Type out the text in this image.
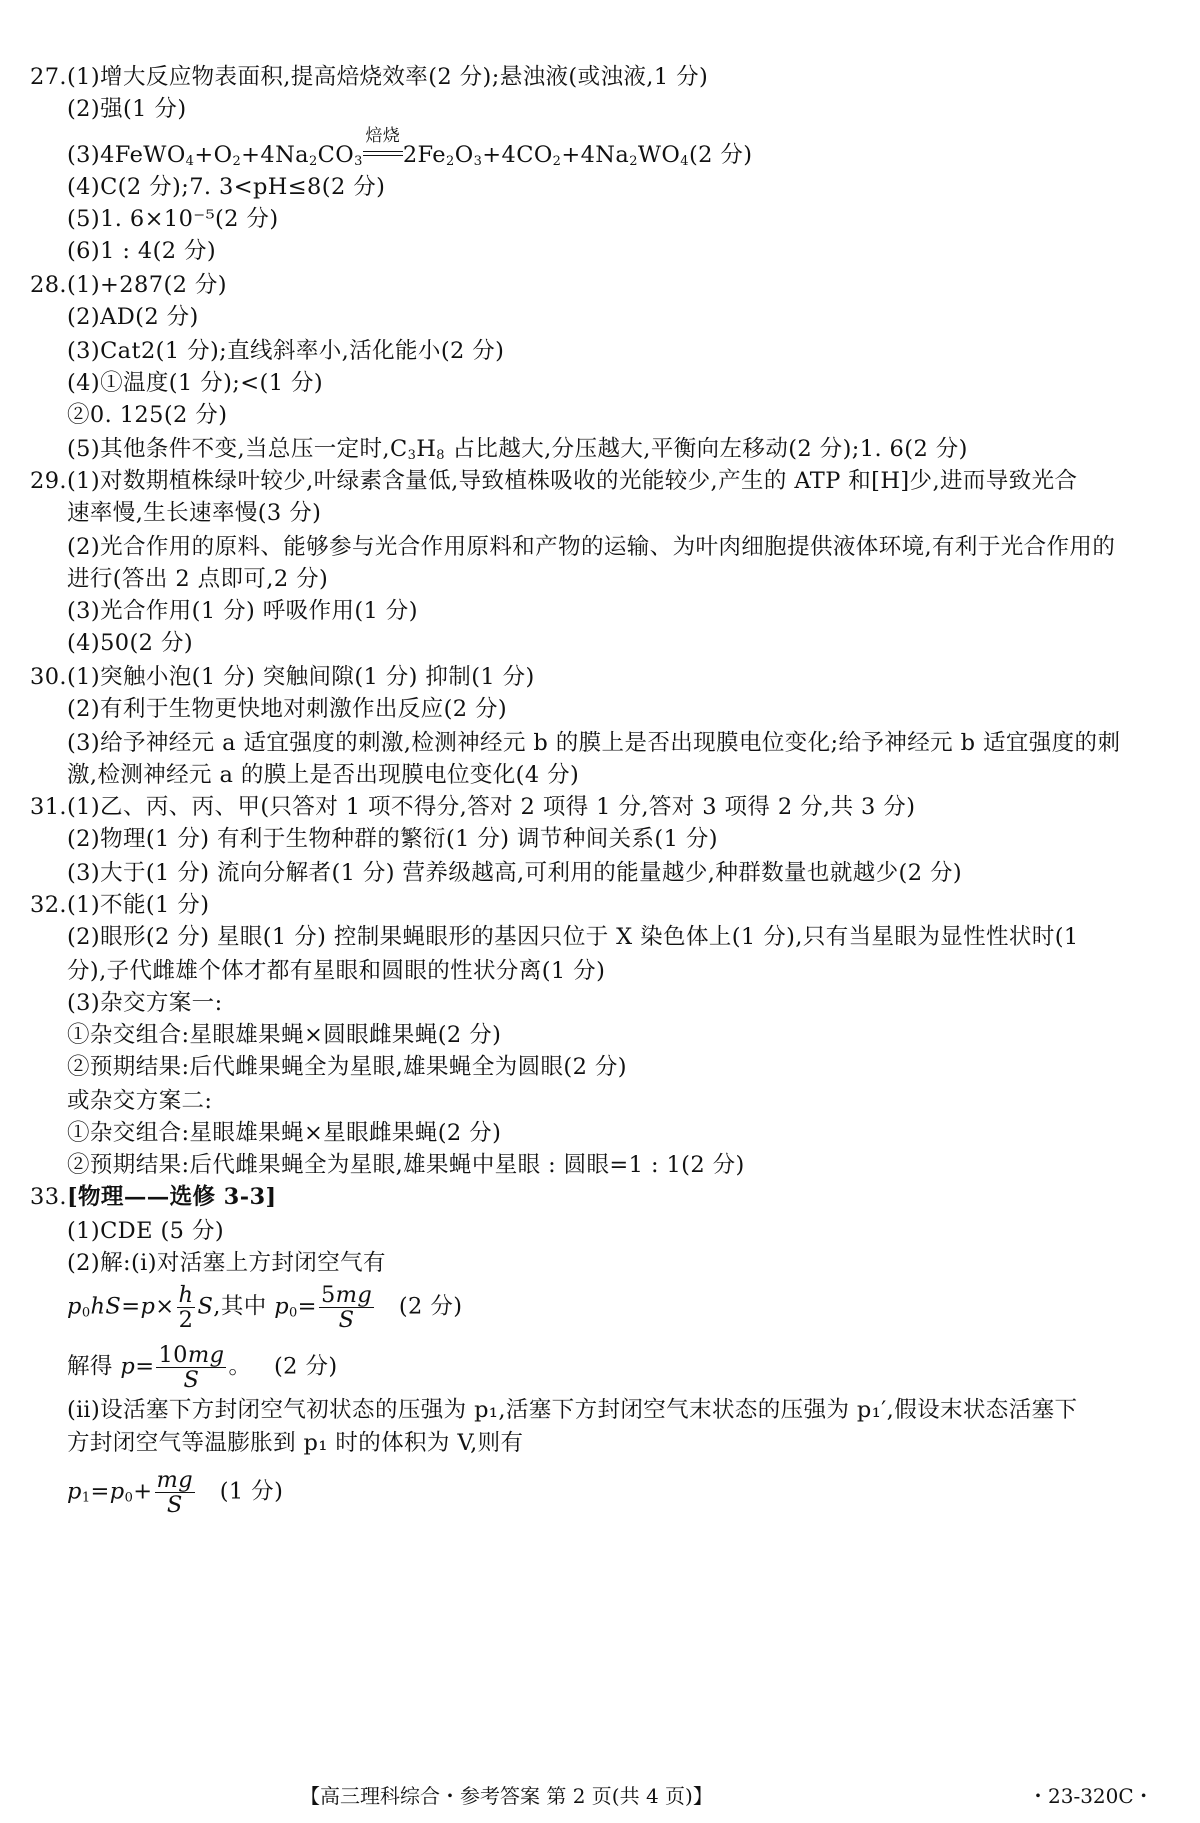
27.(1)增大反应物表面积,提高焙烧效率(2 分);悬浊液(或浊液,1 分)
(2)强(1 分)
$(3)4FeWO_4+O_2+4Na_2CO_3$
焙烧
$2Fe_2O_3+4CO_2+4Na_2WO_4(2$ 分)
(4)C(2 分);7. 3<pH≤8(2 分)
(5)1. 6×10⁻⁵(2 分)
(6)1 : 4(2 分)
28.(1)+287(2 分)
(2)AD(2 分)
(3)Cat2(1 分);直线斜率小,活化能小(2 分)
(4)①温度(1 分);<(1 分)
②0. 125(2 分)
(5)其他条件不变,当总压一定时$,C_3H_8$ 占比越大,分压越大,平衡向左移动(2 分);1. 6(2 分)
29.(1)对数期植株绿叶较少,叶绿素含量低,导致植株吸收的光能较少,产生的 ATP 和[H]少,进而导致光合
速率慢,生长速率慢(3 分)
(2)光合作用的原料、能够参与光合作用原料和产物的运输、为叶肉细胞提供液体环境,有利于光合作用的
进行(答出 2 点即可,2 分)
(3)光合作用(1 分) 呼吸作用(1 分)
(4)50(2 分)
30.(1)突触小泡(1 分) 突触间隙(1 分) 抑制(1 分)
(2)有利于生物更快地对刺激作出反应(2 分)
(3)给予神经元 a 适宜强度的刺激,检测神经元 b 的膜上是否出现膜电位变化;给予神经元 b 适宜强度的刺
激,检测神经元 a 的膜上是否出现膜电位变化(4 分)
31.(1)乙、丙、丙、甲(只答对 1 项不得分,答对 2 项得 1 分,答对 3 项得 2 分,共 3 分)
(2)物理(1 分) 有利于生物种群的繁衍(1 分) 调节种间关系(1 分)
(3)大于(1 分) 流向分解者(1 分) 营养级越高,可利用的能量越少,种群数量也就越少(2 分)
32.(1)不能(1 分)
(2)眼形(2 分) 星眼(1 分) 控制果蝇眼形的基因只位于 X 染色体上(1 分),只有当星眼为显性性状时(1
分),子代雌雄个体才都有星眼和圆眼的性状分离(1 分)
(3)杂交方案一:
①杂交组合:星眼雄果蝇×圆眼雌果蝇(2 分)
②预期结果:后代雌果蝇全为星眼,雄果蝇全为圆眼(2 分)
或杂交方案二:
①杂交组合:星眼雄果蝇×星眼雌果蝇(2 分)
②预期结果:后代雌果蝇全为星眼,雄果蝇中星眼 : 圆眼=1 : 1(2 分)
33.[物理——选修 3-3]
(1)CDE (5 分)
(2)解:(ⅰ)对活塞上方封闭空气有
$p_0hS=p\times \frac{h}{2} S$,其中 $p_0= \frac{5mg}{S} (2$ 分)
解得 $p= \frac{10mg}{S}$ 。   (2 分)
(ⅱ)设活塞下方封闭空气初状态的压强为 p₁,活塞下方封闭空气末状态的压强为 p₁′,假设末状态活塞下
方封闭空气等温膨胀到 p₁ 时的体积为 V,则有
$p_1=p_0+ \frac{mg}{S} (1$ 分)
【高三理科综合・参考答案 第 2 页(共 4 页)】	・23-320C・
